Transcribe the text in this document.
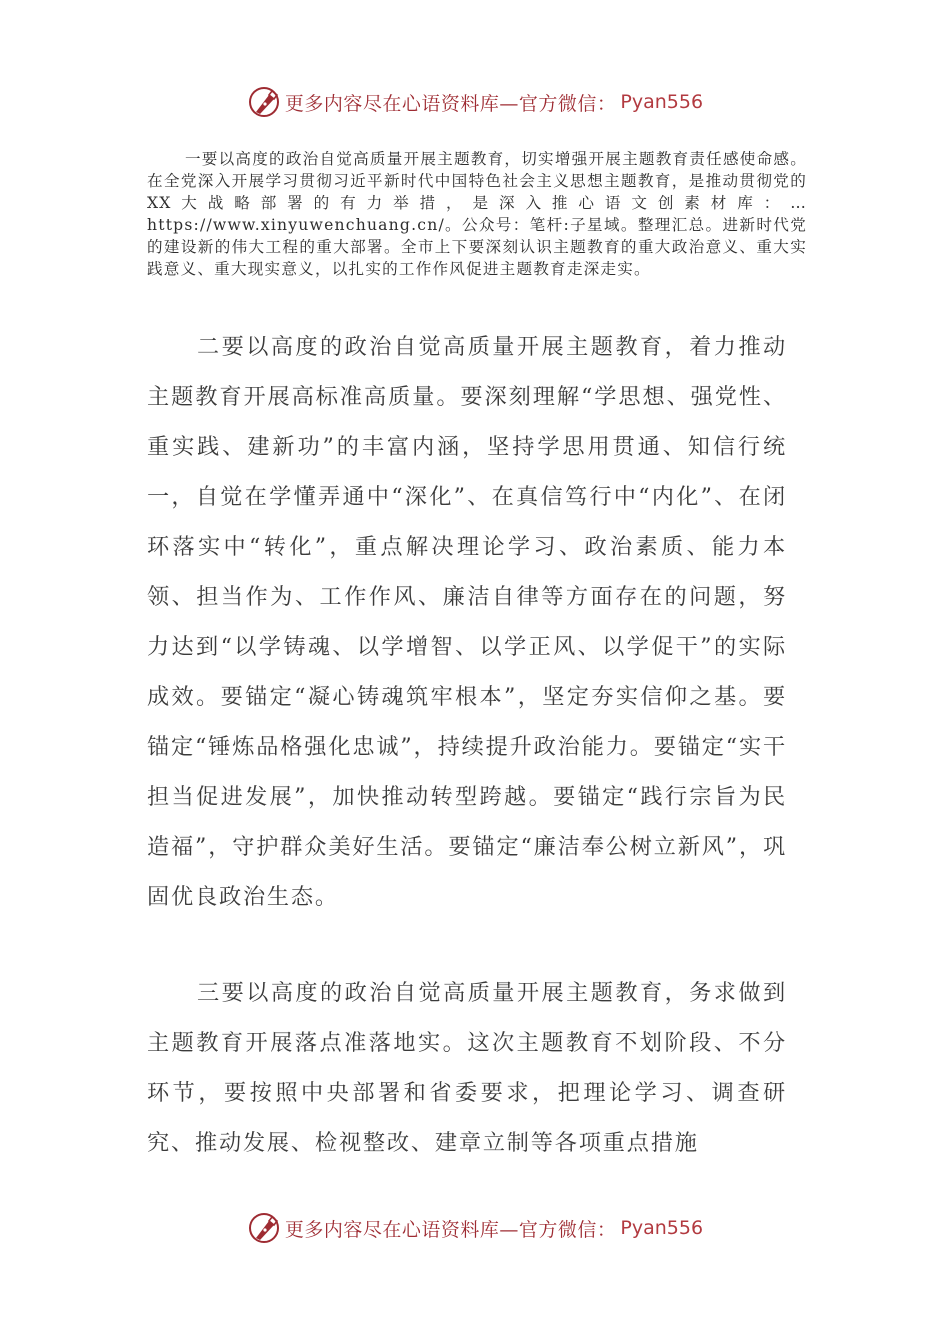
更多内容尽在心语资料库—官方微信： Pyan556

一要以高度的政治自觉高质量开展主题教育，切实增强开展主题教育责任感使命感。在全党深入开展学习贯彻习近平新时代中国特色社会主义思想主题教育，是推动贯彻党的XX大战略部署的有力举措，是深入推心语文创素材库：…https://www.xinyuwenchuang.cn/。公众号：笔杆:子星域。整理汇总。进新时代党的建设新的伟大工程的重大部署。全市上下要深刻认识主题教育的重大政治意义、重大实践意义、重大现实意义，以扎实的工作作风促进主题教育走深走实。

二要以高度的政治自觉高质量开展主题教育，着力推动主题教育开展高标准高质量。要深刻理解“学思想、强党性、重实践、建新功”的丰富内涵，坚持学思用贯通、知信行统一，自觉在学懂弄通中“深化”、在真信笃行中“内化”、在闭环落实中“转化”，重点解决理论学习、政治素质、能力本领、担当作为、工作作风、廉洁自律等方面存在的问题，努力达到“以学铸魂、以学增智、以学正风、以学促干”的实际成效。要锚定“凝心铸魂筑牢根本”，坚定夯实信仰之基。要锚定“锤炼品格强化忠诚”，持续提升政治能力。要锚定“实干担当促进发展”，加快推动转型跨越。要锚定“践行宗旨为民造福”，守护群众美好生活。要锚定“廉洁奉公树立新风”，巩固优良政治生态。

三要以高度的政治自觉高质量开展主题教育，务求做到主题教育开展落点准落地实。这次主题教育不划阶段、不分环节，要按照中央部署和省委要求，把理论学习、调查研究、推动发展、检视整改、建章立制等各项重点措施

更多内容尽在心语资料库—官方微信： Pyan556
